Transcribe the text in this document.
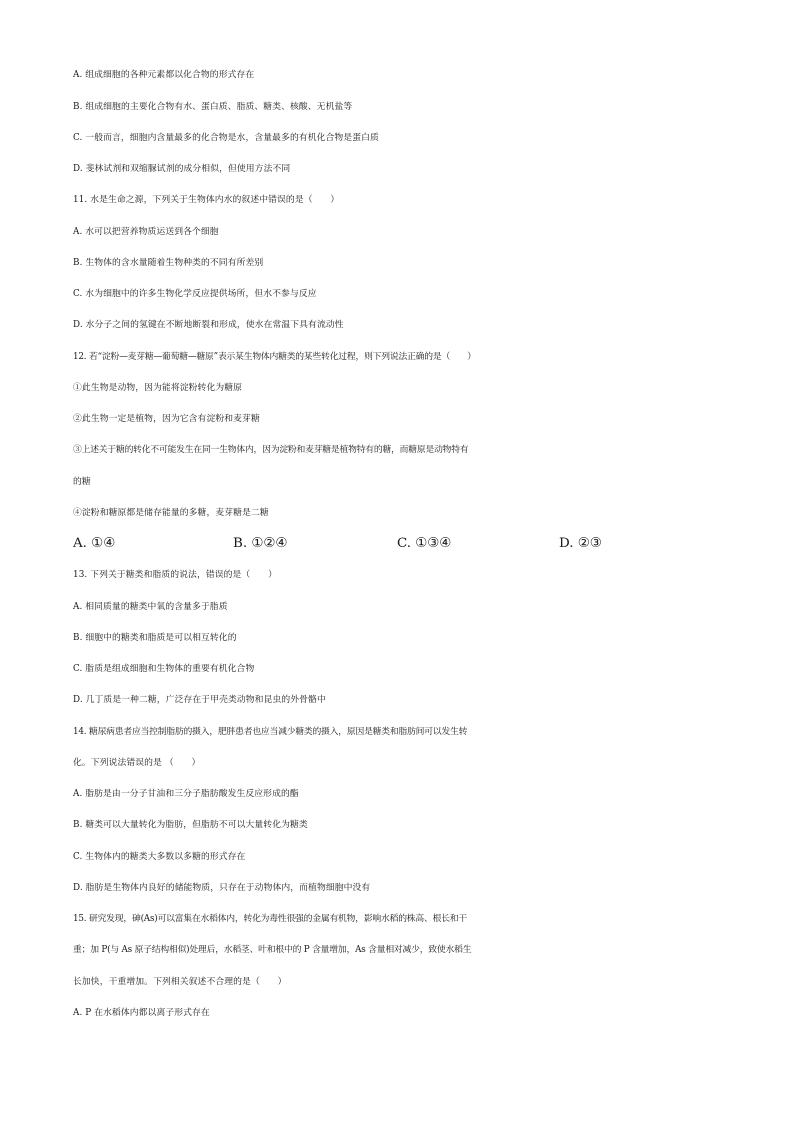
A. 组成细胞的各种元素都以化合物的形式存在
B. 组成细胞的主要化合物有水、蛋白质、脂质、糖类、核酸、无机盐等
C. 一般而言，细胞内含量最多的化合物是水，含量最多的有机化合物是蛋白质
D. 斐林试剂和双缩脲试剂的成分相似，但使用方法不同
11. 水是生命之源，下列关于生物体内水的叙述中错误的是（　　）
A. 水可以把营养物质运送到各个细胞
B. 生物体的含水量随着生物种类的不同有所差别
C. 水为细胞中的许多生物化学反应提供场所，但水不参与反应
D. 水分子之间的氢键在不断地断裂和形成，使水在常温下具有流动性
12. 若“淀粉—麦芽糖—葡萄糖—糖原”表示某生物体内糖类的某些转化过程，则下列说法正确的是（　　）
①此生物是动物，因为能将淀粉转化为糖原
②此生物一定是植物，因为它含有淀粉和麦芽糖
③上述关于糖的转化不可能发生在同一生物体内，因为淀粉和麦芽糖是植物特有的糖，而糖原是动物特有
的糖
④淀粉和糖原都是储存能量的多糖，麦芽糖是二糖
A. ①④	B. ①②④	C. ①③④	D. ②③
13. 下列关于糖类和脂质的说法，错误的是（　　）
A. 相同质量的糖类中氧的含量多于脂质
B. 细胞中的糖类和脂质是可以相互转化的
C. 脂质是组成细胞和生物体的重要有机化合物
D. 几丁质是一种二糖，广泛存在于甲壳类动物和昆虫的外骨骼中
14. 糖尿病患者应当控制脂肪的摄入，肥胖患者也应当减少糖类的摄入，原因是糖类和脂肪间可以发生转
化。下列说法错误的是 （　　）
A. 脂肪是由一分子甘油和三分子脂肪酸发生反应形成的酯
B. 糖类可以大量转化为脂肪，但脂肪不可以大量转化为糖类
C. 生物体内的糖类大多数以多糖的形式存在
D. 脂肪是生物体内良好的储能物质，只存在于动物体内，而植物细胞中没有
15. 研究发现，砷(As)可以富集在水稻体内，转化为毒性很强的金属有机物，影响水稻的株高、根长和干
重；加 P(与 As 原子结构相似)处理后，水稻茎、叶和根中的 P 含量增加，As 含量相对减少，致使水稻生
长加快，干重增加。下列相关叙述不合理的是（　　）
A. P 在水稻体内都以离子形式存在
